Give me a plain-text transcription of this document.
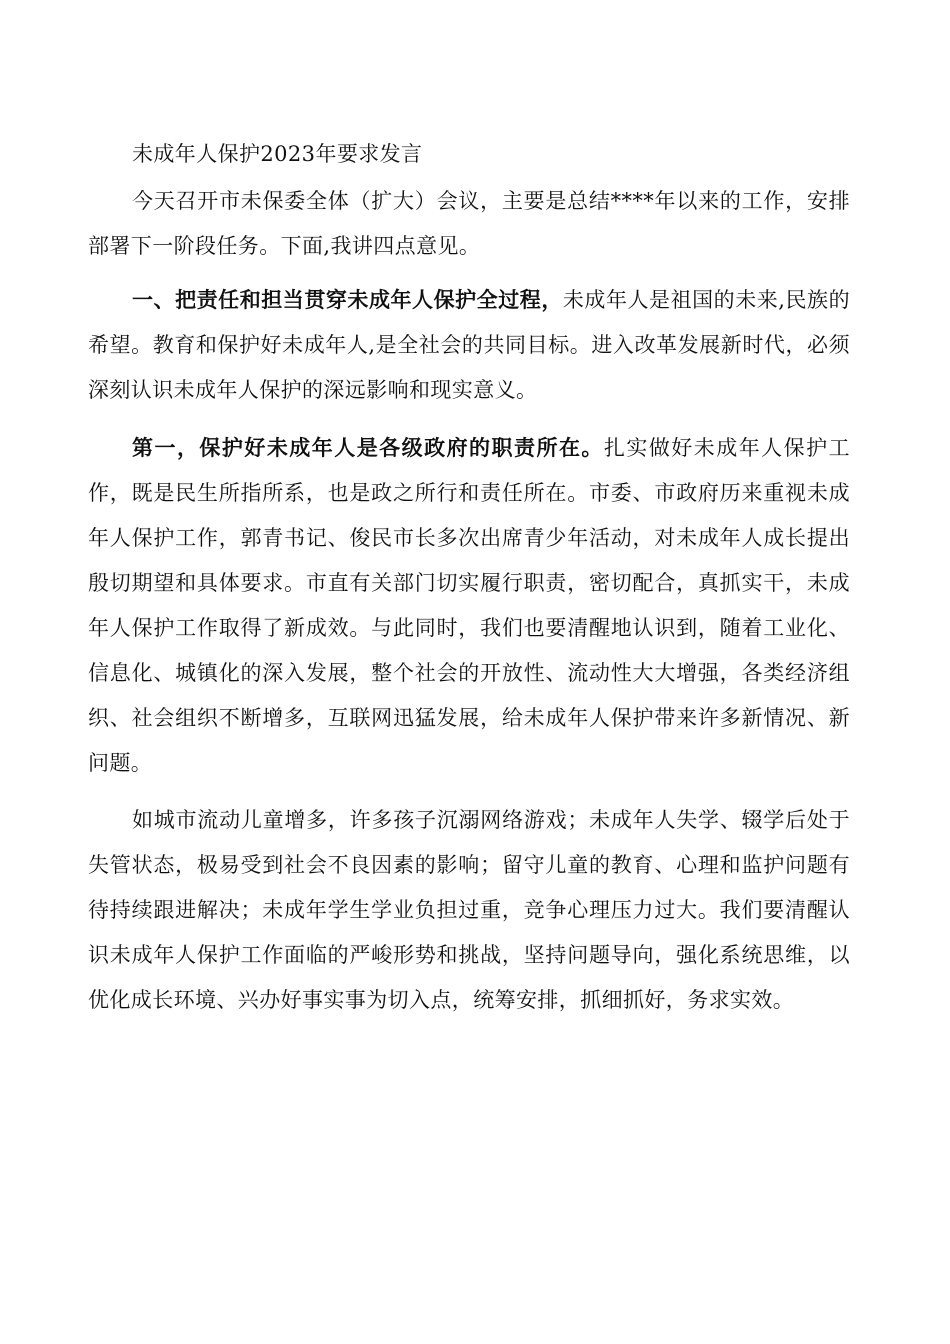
未成年人保护2023年要求发言

今天召开市未保委全体（扩大）会议，主要是总结****年以来的工作，安排部署下一阶段任务。下面,我讲四点意见。

一、把责任和担当贯穿未成年人保护全过程，未成年人是祖国的未来,民族的希望。教育和保护好未成年人,是全社会的共同目标。进入改革发展新时代，必须深刻认识未成年人保护的深远影响和现实意义。

第一，保护好未成年人是各级政府的职责所在。扎实做好未成年人保护工作，既是民生所指所系，也是政之所行和责任所在。市委、市政府历来重视未成年人保护工作，郭青书记、俊民市长多次出席青少年活动，对未成年人成长提出殷切期望和具体要求。市直有关部门切实履行职责，密切配合，真抓实干，未成年人保护工作取得了新成效。与此同时，我们也要清醒地认识到，随着工业化、信息化、城镇化的深入发展，整个社会的开放性、流动性大大增强，各类经济组织、社会组织不断增多，互联网迅猛发展，给未成年人保护带来许多新情况、新问题。

如城市流动儿童增多，许多孩子沉溺网络游戏；未成年人失学、辍学后处于失管状态，极易受到社会不良因素的影响；留守儿童的教育、心理和监护问题有待持续跟进解决；未成年学生学业负担过重，竞争心理压力过大。我们要清醒认识未成年人保护工作面临的严峻形势和挑战，坚持问题导向，强化系统思维，以优化成长环境、兴办好事实事为切入点，统筹安排，抓细抓好，务求实效。
